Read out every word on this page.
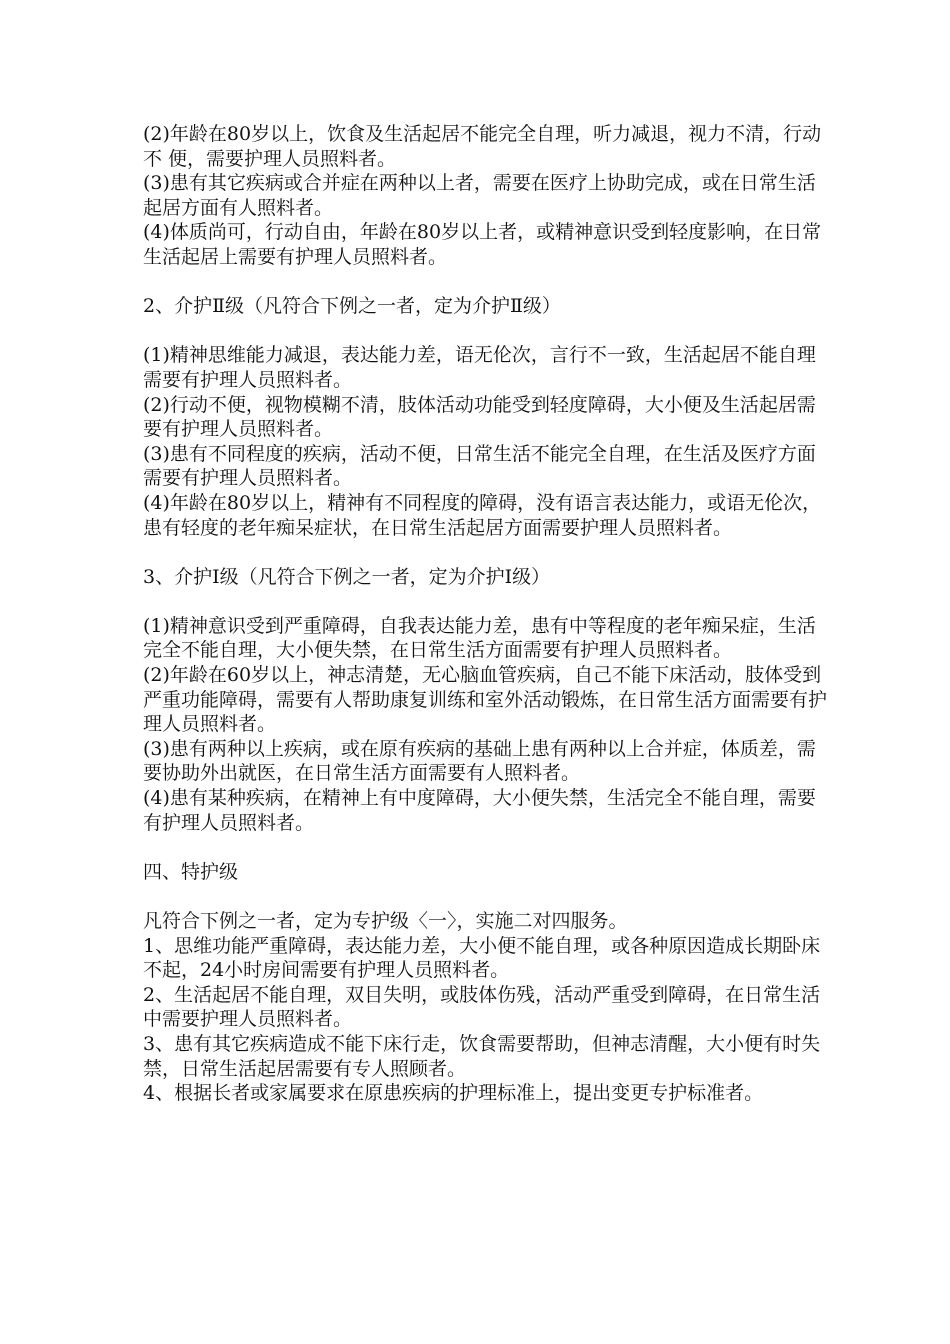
(2)年龄在80岁以上，饮食及生活起居不能完全自理，听力减退，视力不清，行动不 便，需要护理人员照料者。
(3)患有其它疾病或合并症在两种以上者，需要在医疗上协助完成，或在日常生活起居方面有人照料者。
(4)体质尚可，行动自由，年龄在80岁以上者，或精神意识受到轻度影响，在日常生活起居上需要有护理人员照料者。
2、介护Ⅱ级（凡符合下例之一者，定为介护Ⅱ级）
(1)精神思维能力减退，表达能力差，语无伦次，言行不一致，生活起居不能自理需要有护理人员照料者。
(2)行动不便，视物模糊不清，肢体活动功能受到轻度障碍，大小便及生活起居需要有护理人员照料者。
(3)患有不同程度的疾病，活动不便，日常生活不能完全自理，在生活及医疗方面需要有护理人员照料者。
(4)年龄在80岁以上，精神有不同程度的障碍，没有语言表达能力，或语无伦次，患有轻度的老年痴呆症状，在日常生活起居方面需要护理人员照料者。
3、介护Ⅰ级（凡符合下例之一者，定为介护Ⅰ级）
(1)精神意识受到严重障碍，自我表达能力差，患有中等程度的老年痴呆症，生活完全不能自理，大小便失禁，在日常生活方面需要有护理人员照料者。
(2)年龄在60岁以上，神志清楚，无心脑血管疾病，自己不能下床活动，肢体受到严重功能障碍，需要有人帮助康复训练和室外活动锻炼，在日常生活方面需要有护理人员照料者。
(3)患有两种以上疾病，或在原有疾病的基础上患有两种以上合并症，体质差，需要协助外出就医，在日常生活方面需要有人照料者。
(4)患有某种疾病，在精神上有中度障碍，大小便失禁，生活完全不能自理，需要有护理人员照料者。
四、特护级
凡符合下例之一者，定为专护级〈一〉，实施二对四服务。
1、思维功能严重障碍，表达能力差，大小便不能自理，或各种原因造成长期卧床不起，24小时房间需要有护理人员照料者。
2、生活起居不能自理，双目失明，或肢体伤残，活动严重受到障碍，在日常生活中需要护理人员照料者。
3、患有其它疾病造成不能下床行走，饮食需要帮助，但神志清醒，大小便有时失禁，日常生活起居需要有专人照顾者。
4、根据长者或家属要求在原患疾病的护理标准上，提出变更专护标准者。
